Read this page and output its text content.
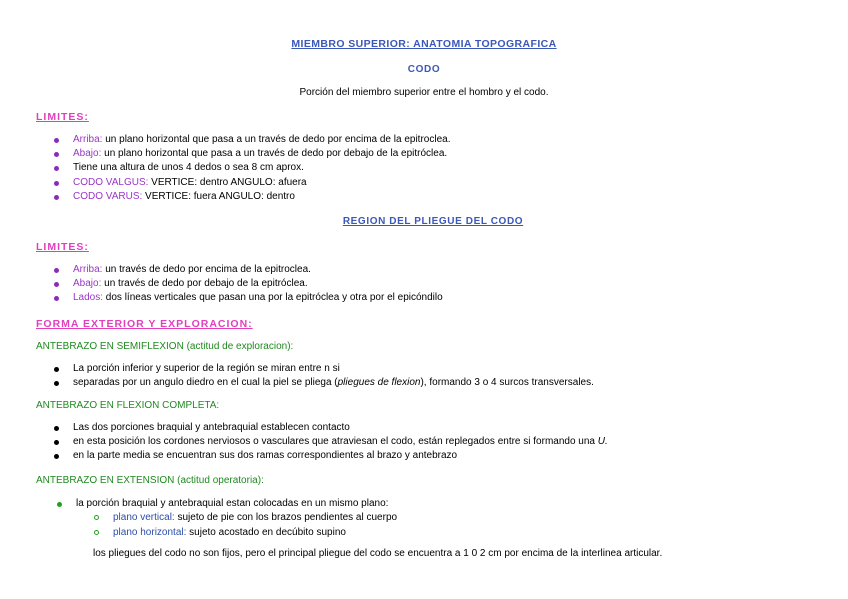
MIEMBRO SUPERIOR: ANATOMIA TOPOGRAFICA
CODO
Porción del miembro superior entre el hombro y el codo.
LIMITES:
Arriba: un plano horizontal que pasa a un través de dedo por encima de la epitroclea.
Abajo: un plano horizontal que pasa a un través de dedo por debajo de la epitróclea.
Tiene una altura de unos 4 dedos o sea 8 cm aprox.
CODO VALGUS: VERTICE: dentro ANGULO: afuera
CODO VARUS: VERTICE: fuera ANGULO: dentro
REGION DEL PLIEGUE DEL CODO
LIMITES:
Arriba: un través de dedo por encima de la epitroclea.
Abajo: un través de dedo por debajo de la epitróclea.
Lados: dos líneas verticales que pasan una por la epitróclea y otra por el epicóndilo
FORMA EXTERIOR Y EXPLORACION:
ANTEBRAZO EN SEMIFLEXION (actitud de exploracion):
La porción inferior y superior de la región se miran entre n si
separadas por un angulo diedro en el cual la piel se pliega (pliegues de flexion), formando 3 o 4 surcos transversales.
ANTEBRAZO EN FLEXION COMPLETA:
Las dos porciones braquial y antebraquial establecen contacto
en esta posición los cordones nerviosos o vasculares que atraviesan el codo, están replegados entre si formando una U.
en la parte media se encuentran sus dos ramas correspondientes al brazo y antebrazo
ANTEBRAZO EN EXTENSION (actitud operatoria):
la porción braquial y antebraquial estan colocadas en un mismo plano:
plano vertical: sujeto de pie con los brazos pendientes al cuerpo
plano horizontal: sujeto acostado en decúbito supino
los pliegues del codo no son fijos, pero el principal pliegue del codo se encuentra a 1 0 2 cm por encima de la interlinea articular.
